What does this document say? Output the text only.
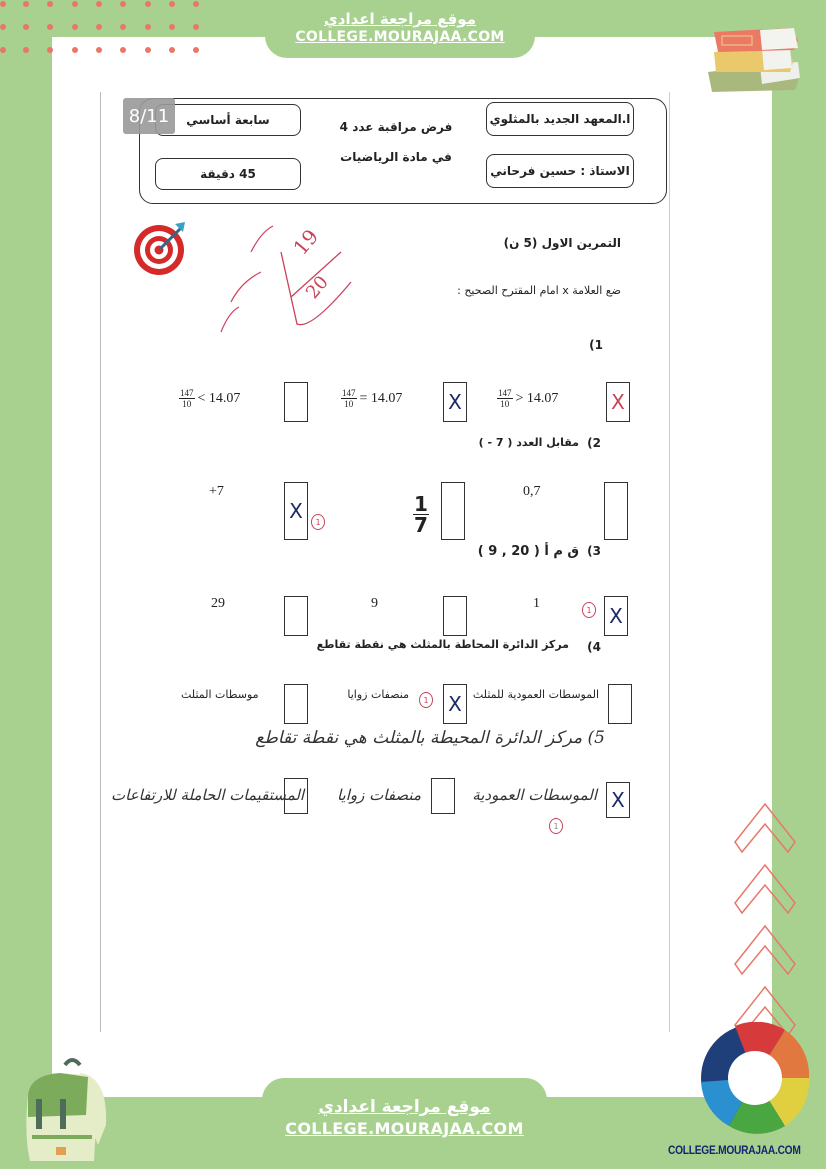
موقع مراجعة اعدادي
COLLEGE.MOURAJAA.COM
ا.المعهد الجديد بالمثلوي
الاستاذ : حسين فرحاني
سابعة أساسي
45 دقيقة
فرض مراقبة عدد 4
في مادة الرياضيات
8/11
19
20
التمرين الاول (5 ن)
ضع العلامة x امام المقترح الصحيح :
1)
$\frac{147}{10} > 14.07$	X
$\frac{147}{10} = 14.07$ X
$\frac{147}{10} < 14.07$
2)
مقابل العدد ( 7 - )
0,7
$\frac{1}{7}$
+7
X	1
3)
ق م أ ( 20 , 9 )
1
X
1
9
29
4)
مركز الدائرة المحاطة بالمثلث هي نقطة تقاطع
الموسطات العمودية للمثلث
X
1
منصفات زوايا
موسطات المثلث
5) مركز الدائرة المحيطة بالمثلث هي نقطة تقاطع
X
الموسطات العمودية
1
منصفات زوايا
المستقيمات الحاملة للارتفاعات
موقع مراجعة اعدادي
COLLEGE.MOURAJAA.COM
COLLEGE.MOURAJAA.COM
